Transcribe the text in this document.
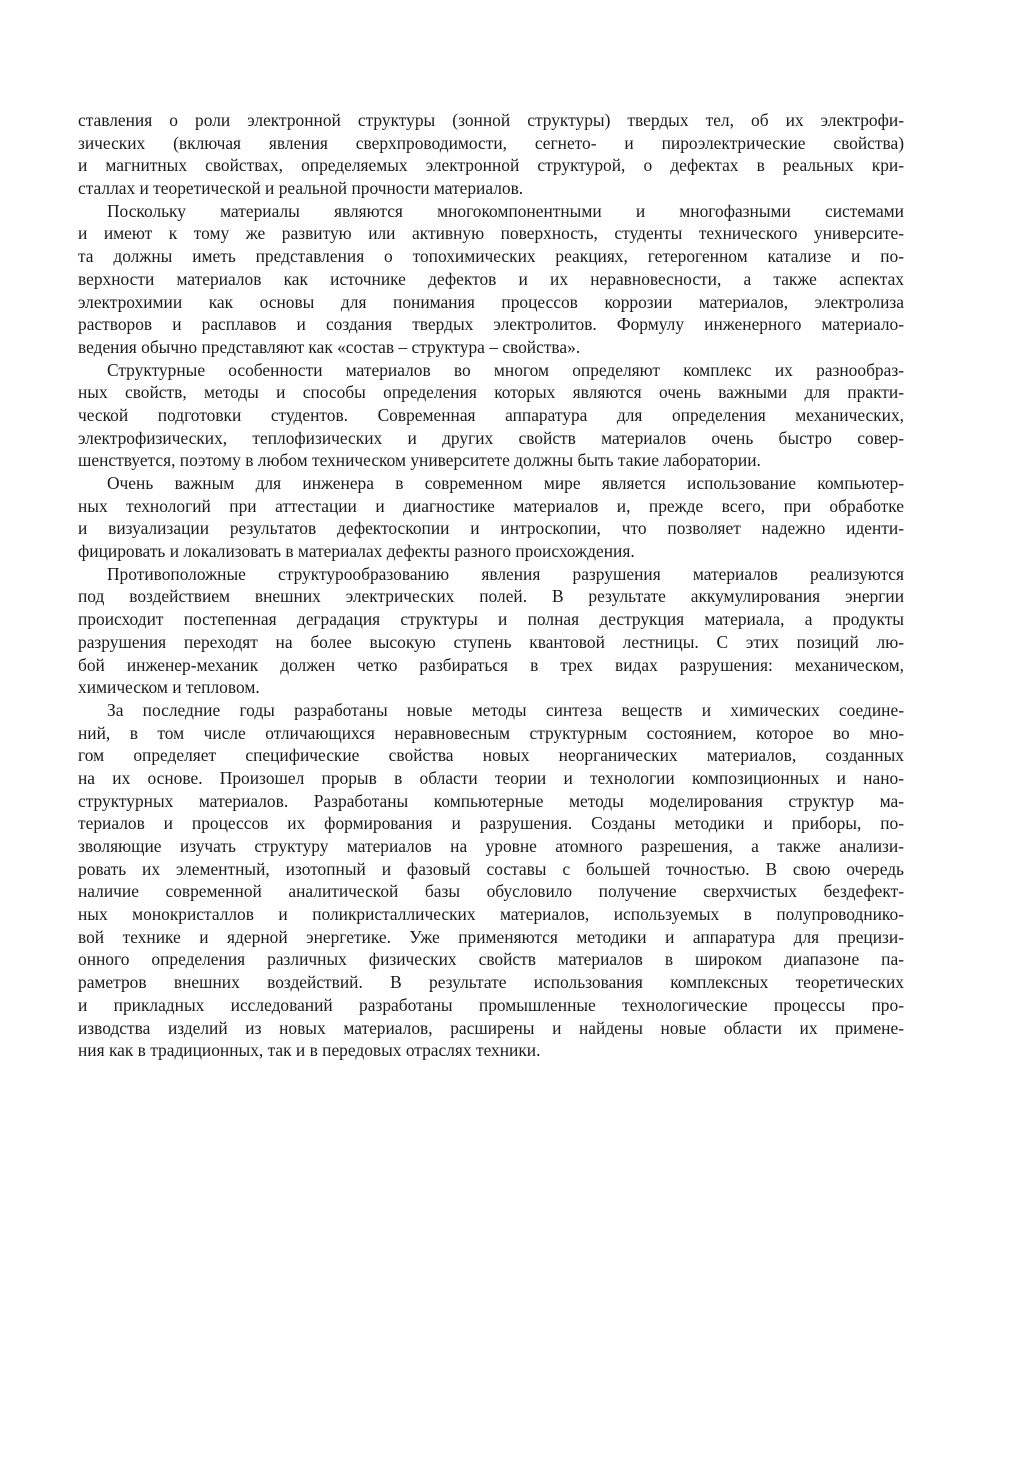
ставления о роли электронной структуры (зонной структуры) твердых тел, об их электрофи-
зических (включая явления сверхпроводимости, сегнето- и пироэлектрические свойства)
и магнитных свойствах, определяемых электронной структурой, о дефектах в реальных кри-
сталлах и теоретической и реальной прочности материалов.
Поскольку материалы являются многокомпонентными и многофазными системами
и имеют к тому же развитую или активную поверхность, студенты технического университе-
та должны иметь представления о топохимических реакциях, гетерогенном катализе и по-
верхности материалов как источнике дефектов и их неравновесности, а также аспектах
электрохимии как основы для понимания процессов коррозии материалов, электролиза
растворов и расплавов и создания твердых электролитов. Формулу инженерного материало-
ведения обычно представляют как «состав – структура – свойства».
Структурные особенности материалов во многом определяют комплекс их разнообраз-
ных свойств, методы и способы определения которых являются очень важными для практи-
ческой подготовки студентов. Современная аппаратура для определения механических,
электрофизических, теплофизических и других свойств материалов очень быстро совер-
шенствуется, поэтому в любом техническом университете должны быть такие лаборатории.
Очень важным для инженера в современном мире является использование компьютер-
ных технологий при аттестации и диагностике материалов и, прежде всего, при обработке
и визуализации результатов дефектоскопии и интроскопии, что позволяет надежно иденти-
фицировать и локализовать в материалах дефекты разного происхождения.
Противоположные структурообразованию явления разрушения материалов реализуются
под воздействием внешних электрических полей. В результате аккумулирования энергии
происходит постепенная деградация структуры и полная деструкция материала, а продукты
разрушения переходят на более высокую ступень квантовой лестницы. С этих позиций лю-
бой инженер-механик должен четко разбираться в трех видах разрушения: механическом,
химическом и тепловом.
За последние годы разработаны новые методы синтеза веществ и химических соедине-
ний, в том числе отличающихся неравновесным структурным состоянием, которое во мно-
гом определяет специфические свойства новых неорганических материалов, созданных
на их основе. Произошел прорыв в области теории и технологии композиционных и нано-
структурных материалов. Разработаны компьютерные методы моделирования структур ма-
териалов и процессов их формирования и разрушения. Созданы методики и приборы, по-
зволяющие изучать структуру материалов на уровне атомного разрешения, а также анализи-
ровать их элементный, изотопный и фазовый составы с большей точностью. В свою очередь
наличие современной аналитической базы обусловило получение сверхчистых бездефект-
ных монокристаллов и поликристаллических материалов, используемых в полупроводнико-
вой технике и ядерной энергетике. Уже применяются методики и аппаратура для прецизи-
онного определения различных физических свойств материалов в широком диапазоне па-
раметров внешних воздействий. В результате использования комплексных теоретических
и прикладных исследований разработаны промышленные технологические процессы про-
изводства изделий из новых материалов, расширены и найдены новые области их примене-
ния как в традиционных, так и в передовых отраслях техники.
